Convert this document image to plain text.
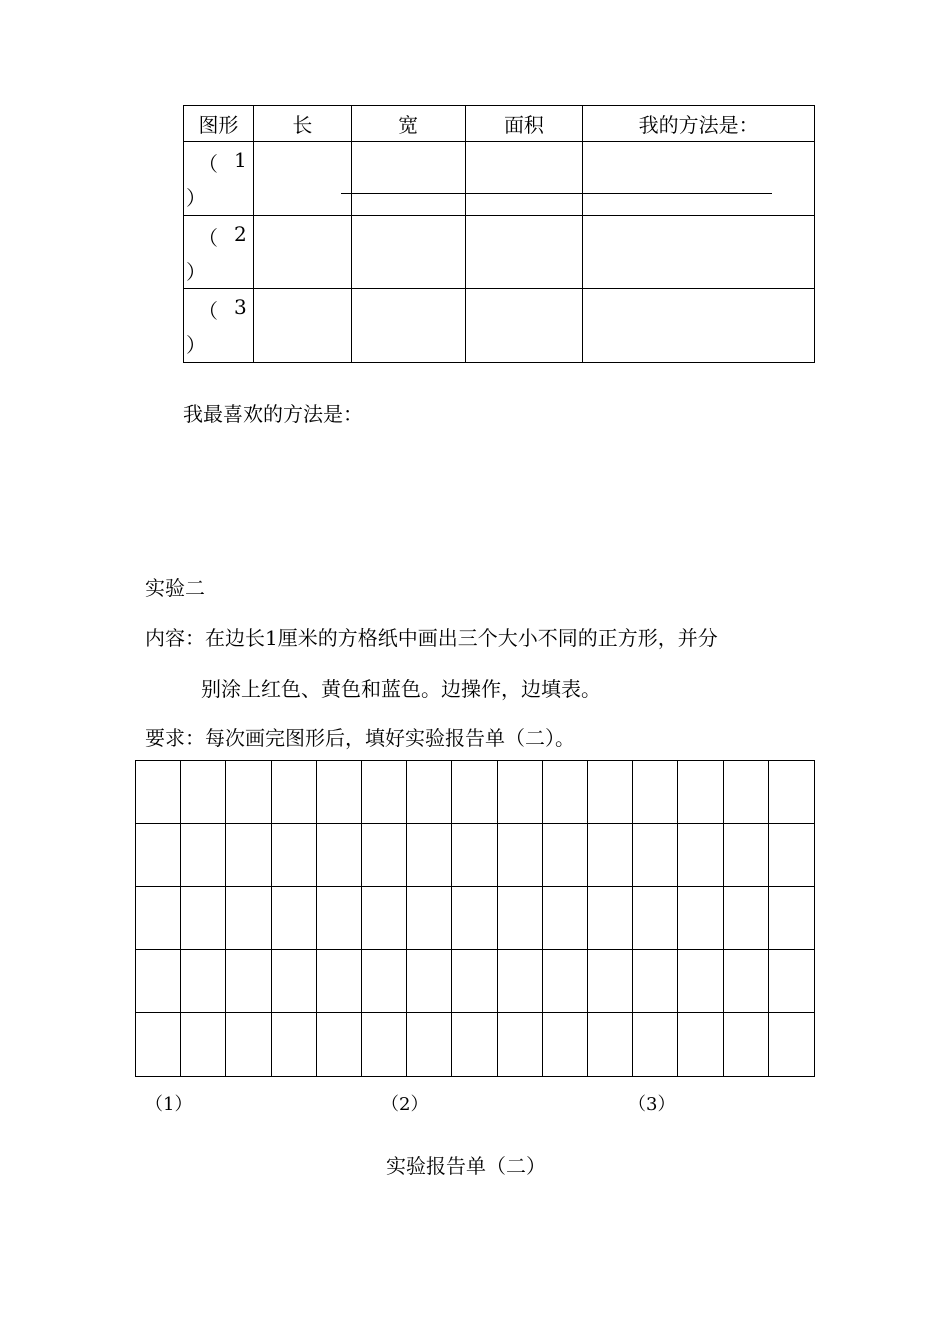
图形	长	宽	面积	我的方法是：

（ 1
）				

（ 2
）				

（ 3
）				

我最喜欢的方法是：
实验二
内容：在边长1厘米的方格纸中画出三个大小不同的正方形，并分
别涂上红色、黄色和蓝色。边操作，边填表。
要求：每次画完图形后，填好实验报告单（二）。
（1）	（2）	（3）
实验报告单（二）
